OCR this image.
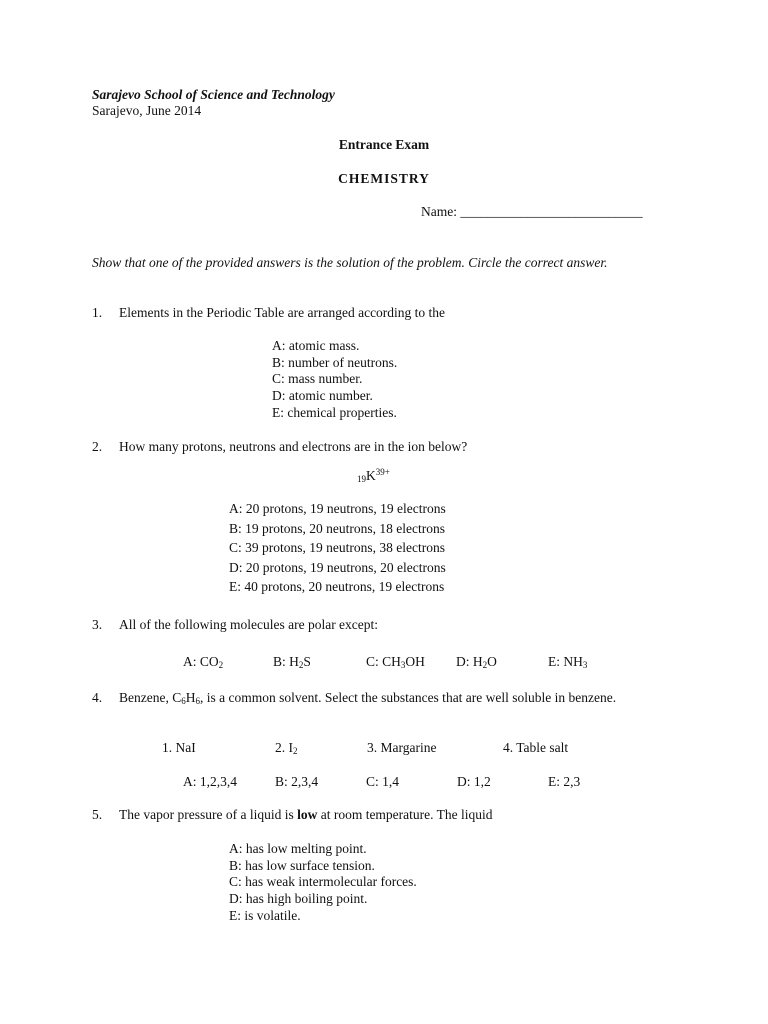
Sarajevo School of Science and Technology
Sarajevo, June 2014
Entrance Exam
CHEMISTRY
Name: ___________________________
Show that one of the provided answers is the solution of the problem. Circle the correct answer.
1. Elements in the Periodic Table are arranged according to the
A: atomic mass.
B: number of neutrons.
C: mass number.
D: atomic number.
E: chemical properties.
2. How many protons, neutrons and electrons are in the ion below?
$19K^{39+}$
A: 20 protons, 19 neutrons, 19 electrons
B: 19 protons, 20 neutrons, 18 electrons
C: 39 protons, 19 neutrons, 38 electrons
D: 20 protons, 19 neutrons, 20 electrons
E: 40 protons, 20 neutrons, 19 electrons
3. All of the following molecules are polar except:
A: $CO_2$	B: $H_2S$	C: $CH_3OH$ D: $H_2O$	E: $NH_3$
4. Benzene, $C_6H_6$, is a common solvent. Select the substances that are well soluble in benzene.
1. NaI	2. $I_2$	3. Margarine	4. Table salt
A: 1,2,3,4	B: 2,3,4	C: 1,4	D: 1,2	E: 2,3
5. The vapor pressure of a liquid is low at room temperature. The liquid
A: has low melting point.
B: has low surface tension.
C: has weak intermolecular forces.
D: has high boiling point.
E: is volatile.
